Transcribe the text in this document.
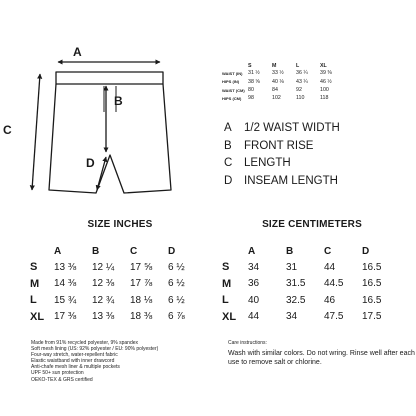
A
B
C
D
	S	M	L	XL
WAIST (IN)	31 ½	33 ½	36 ¼	39 ⅜
HIPS (IN)	38 ⅝	40 ⅛	43 ¼	46 ½
WAIST (CM)	80	84	92	100
HIPS (CM)	98	102	110	118
A	1/2 WAIST WIDTH
B	FRONT RISE
C	LENGTH
D	INSEAM LENGTH
SIZE INCHES
	A	B	C	D
S	13 ⅜	12 ¼	17 ⅝	6 ½
M	14 ⅜	12 ⅜	17 ⅞	6 ½
L	15 ¾	12 ¾	18 ⅛	6 ½
XL	17 ⅜	13 ⅜	18 ⅜	6 ⅞
SIZE CENTIMETERS
	A	B	C	D
S	34	31	44	16.5
M	36	31.5	44.5	16.5
L	40	32.5	46	16.5
XL	44	34	47.5	17.5
Made from 91% recycled polyester, 9% spandex
Soft mesh lining (US: 92% polyester / EU: 90% polyester)
Four-way stretch, water-repellent fabric
Elastic waistband with inner drawcord
Anti-chafe mesh liner & multiple pockets
UPF 50+ sun protection
OEKO-TEX & GRS certified
Care instructions:
Wash with similar colors. Do not wring. Rinse well after each use to remove salt or chlorine.
